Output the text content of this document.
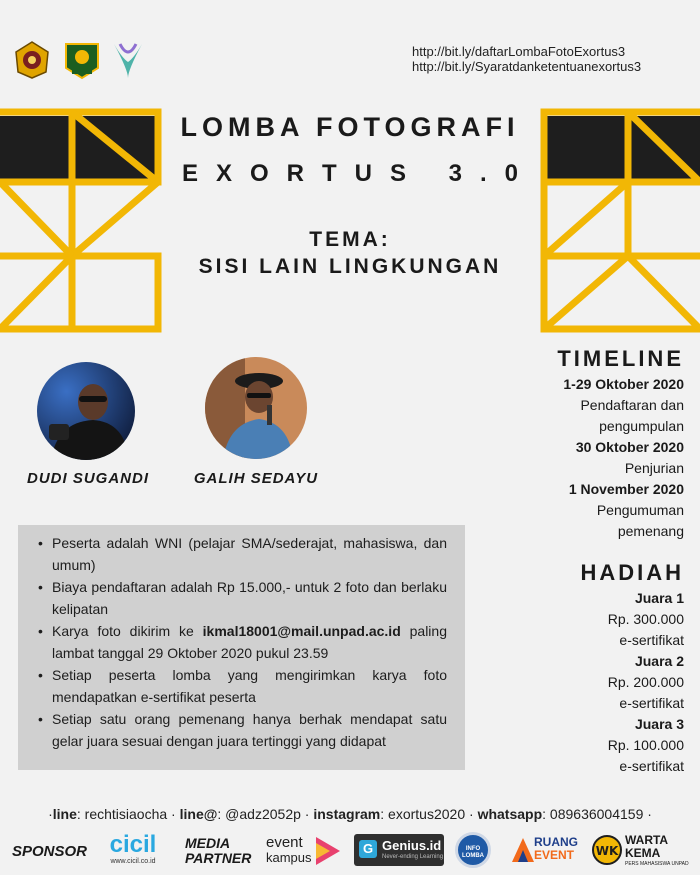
http://bit.ly/daftarLombaFotoExortus3
http://bit.ly/Syaratdanketentuanexortus3
LOMBA FOTOGRAFI
EXORTUS 3.0
TEMA:
SISI LAIN LINGKUNGAN
DUDI SUGANDI	GALIH SEDAYU
• Peserta adalah WNI (pelajar SMA/sederajat, mahasiswa, dan umum)
• Biaya pendaftaran adalah Rp 15.000,- untuk 2 foto dan berlaku kelipatan
• Karya foto dikirim ke ikmal18001@mail.unpad.ac.id paling lambat tanggal 29 Oktober 2020 pukul 23.59
• Setiap peserta lomba yang mengirimkan karya foto mendapatkan e-sertifikat peserta
• Setiap satu orang pemenang hanya berhak mendapat satu gelar juara sesuai dengan juara tertinggi yang didapat
TIMELINE
1-29 Oktober 2020
Pendaftaran dan
pengumpulan
30 Oktober 2020
Penjurian
1 November 2020
Pengumuman
pemenang
HADIAH
Juara 1
Rp. 300.000
e-sertifikat
Juara 2
Rp. 200.000
e-sertifikat
Juara 3
Rp. 100.000
e-sertifikat
·line: rechtisiaocha · line@: @adz2052p · instagram: exortus2020 · whatsapp: 089636004159 ·
SPONSOR cicil
www.cicil.co.id
MEDIA
PARTNER
event
kampus
G Genius.id
Never-ending Learning
INFO LOMBA
RUANG
EVENT WK
WARTA
KEMA
PERS MAHASISWA UNPAD
